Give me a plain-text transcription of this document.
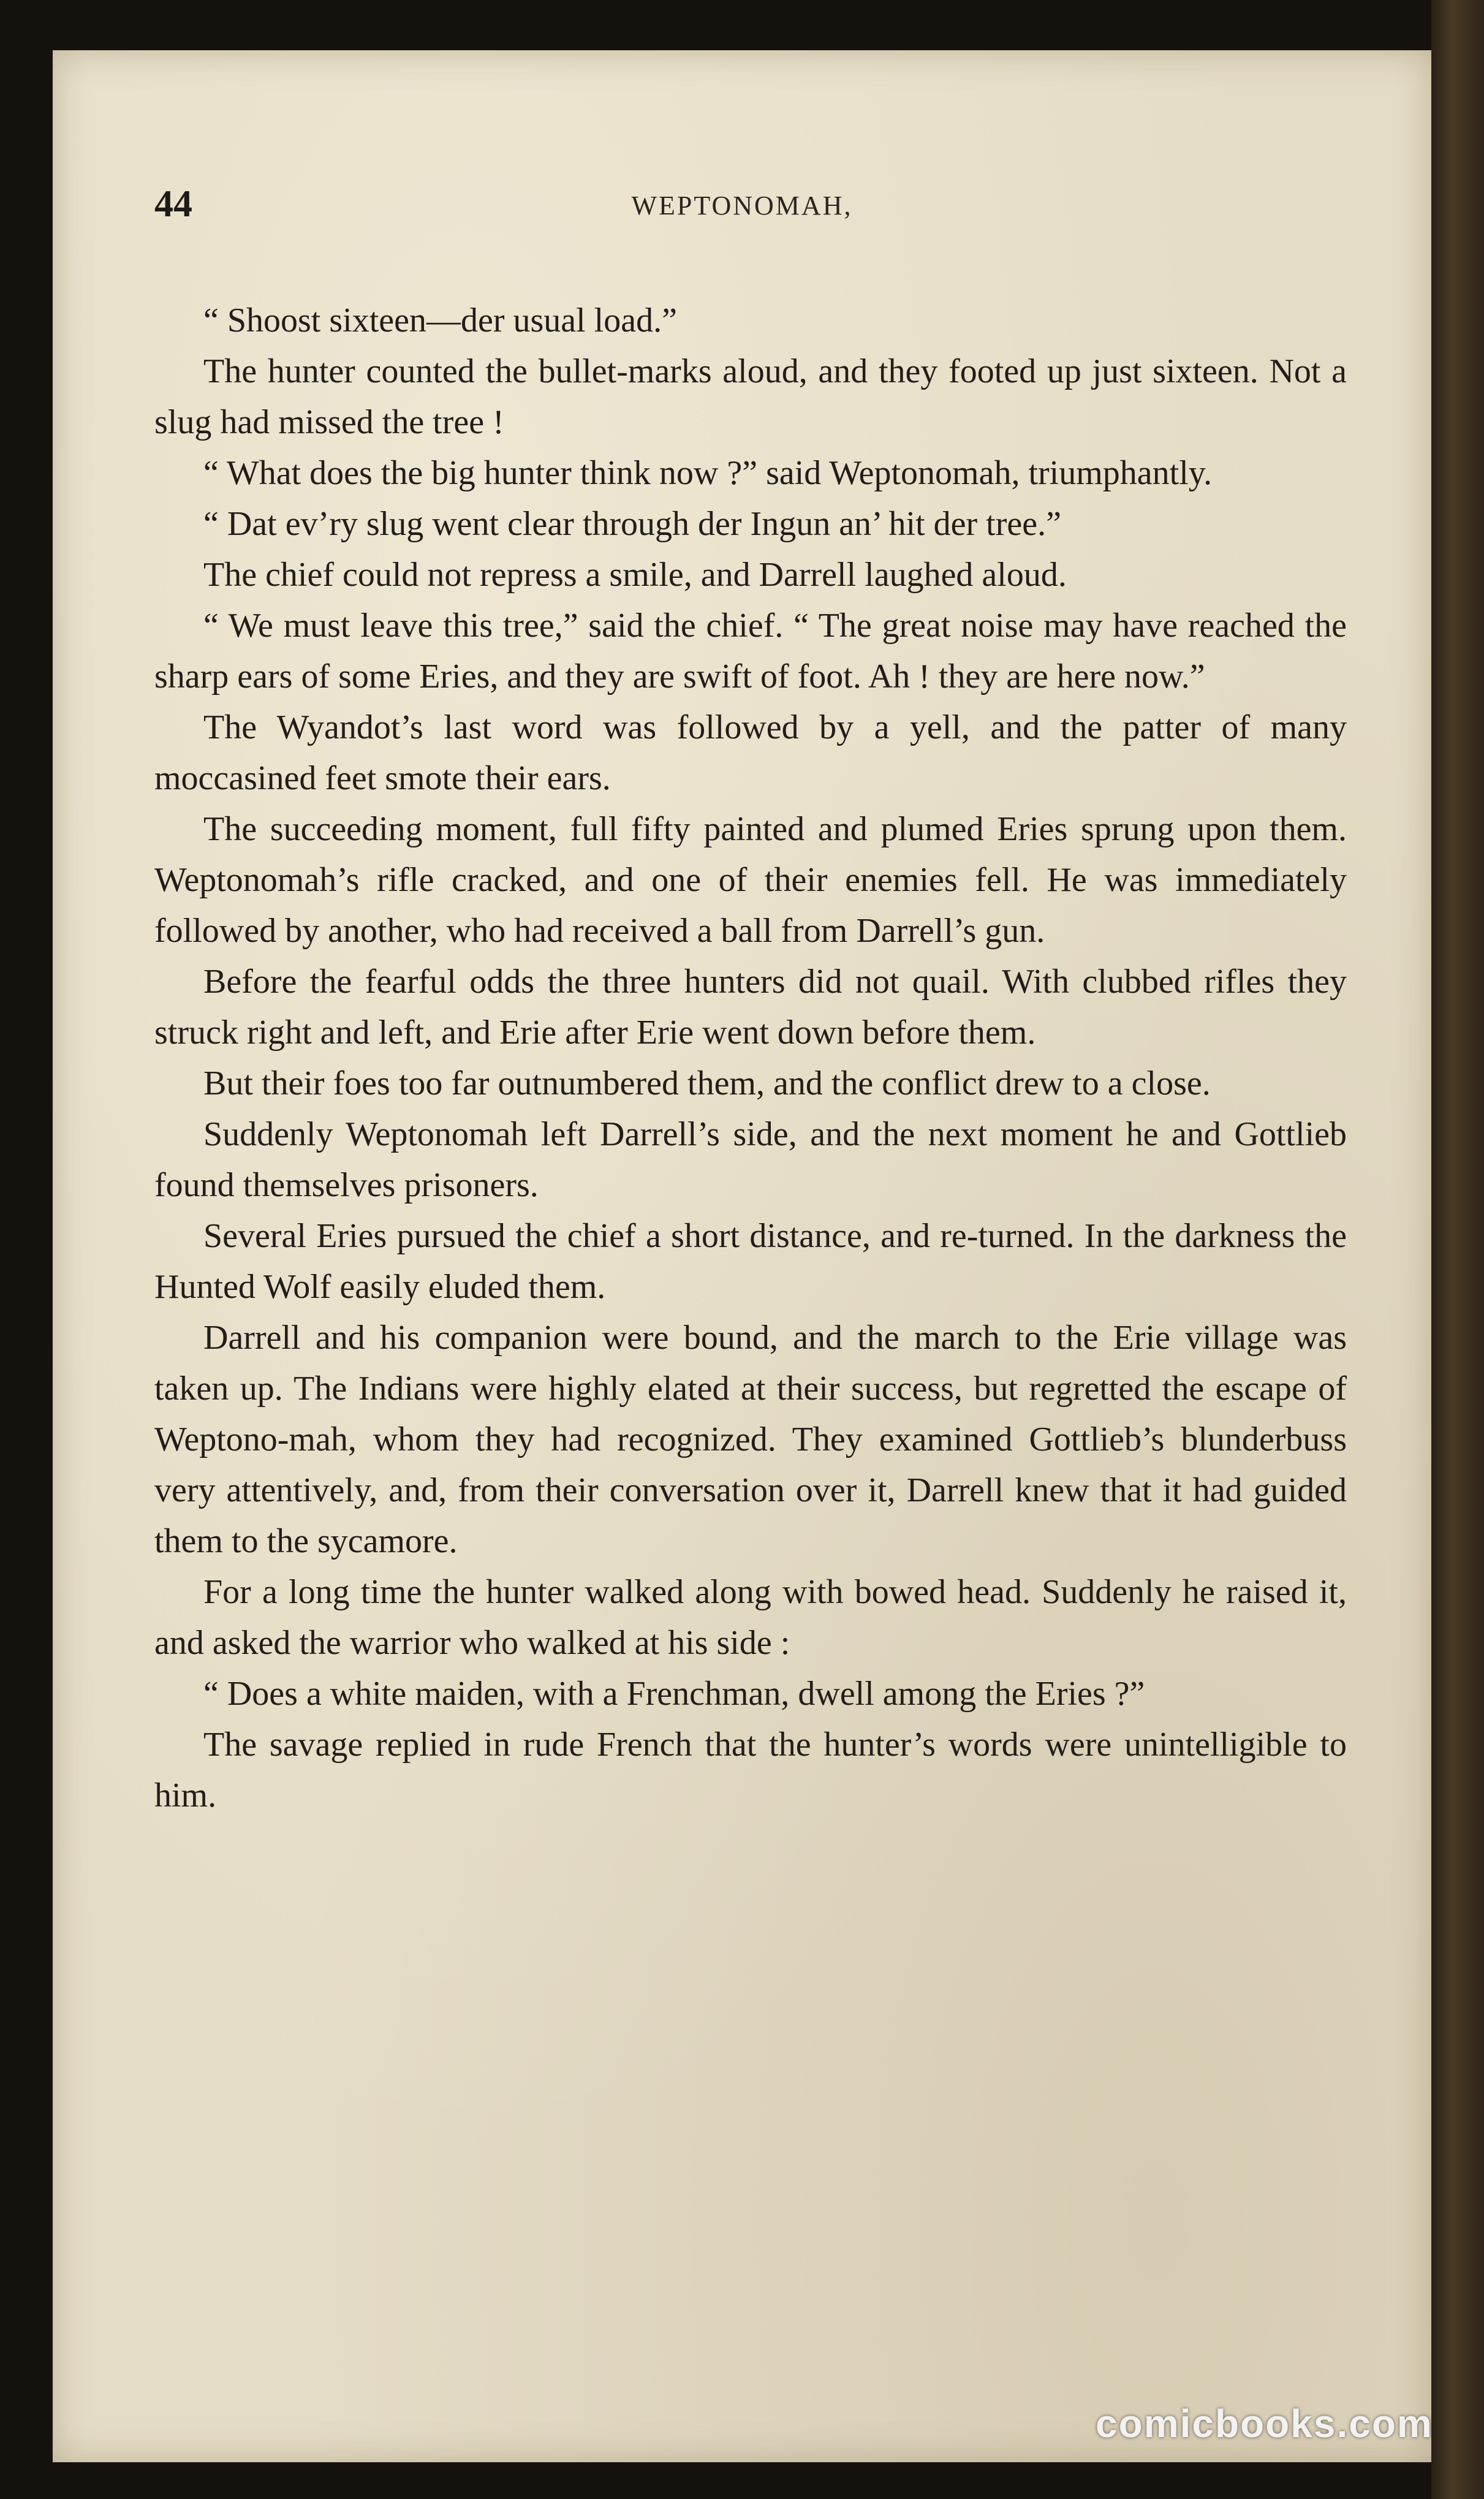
44	WEPTONOMAH,

“ Shoost sixteen—der usual load.”

The hunter counted the bullet-marks aloud, and they footed up just sixteen. Not a slug had missed the tree !

“ What does the big hunter think now ?” said Weptonomah, triumphantly.

“ Dat ev’ry slug went clear through der Ingun an’ hit der tree.”

The chief could not repress a smile, and Darrell laughed aloud.

“ We must leave this tree,” said the chief. “ The great noise may have reached the sharp ears of some Eries, and they are swift of foot. Ah ! they are here now.”

The Wyandot’s last word was followed by a yell, and the patter of many moccasined feet smote their ears.

The succeeding moment, full fifty painted and plumed Eries sprung upon them. Weptonomah’s rifle cracked, and one of their enemies fell. He was immediately followed by another, who had received a ball from Darrell’s gun.

Before the fearful odds the three hunters did not quail. With clubbed rifles they struck right and left, and Erie after Erie went down before them.

But their foes too far outnumbered them, and the conflict drew to a close.

Suddenly Weptonomah left Darrell’s side, and the next moment he and Gottlieb found themselves prisoners.

Several Eries pursued the chief a short distance, and re-turned. In the darkness the Hunted Wolf easily eluded them.

Darrell and his companion were bound, and the march to the Erie village was taken up. The Indians were highly elated at their success, but regretted the escape of Weptono-mah, whom they had recognized. They examined Gottlieb’s blunderbuss very attentively, and, from their conversation over it, Darrell knew that it had guided them to the sycamore.

For a long time the hunter walked along with bowed head. Suddenly he raised it, and asked the warrior who walked at his side :

“ Does a white maiden, with a Frenchman, dwell among the Eries ?”

The savage replied in rude French that the hunter’s words were unintelligible to him.

comicbooks.com
